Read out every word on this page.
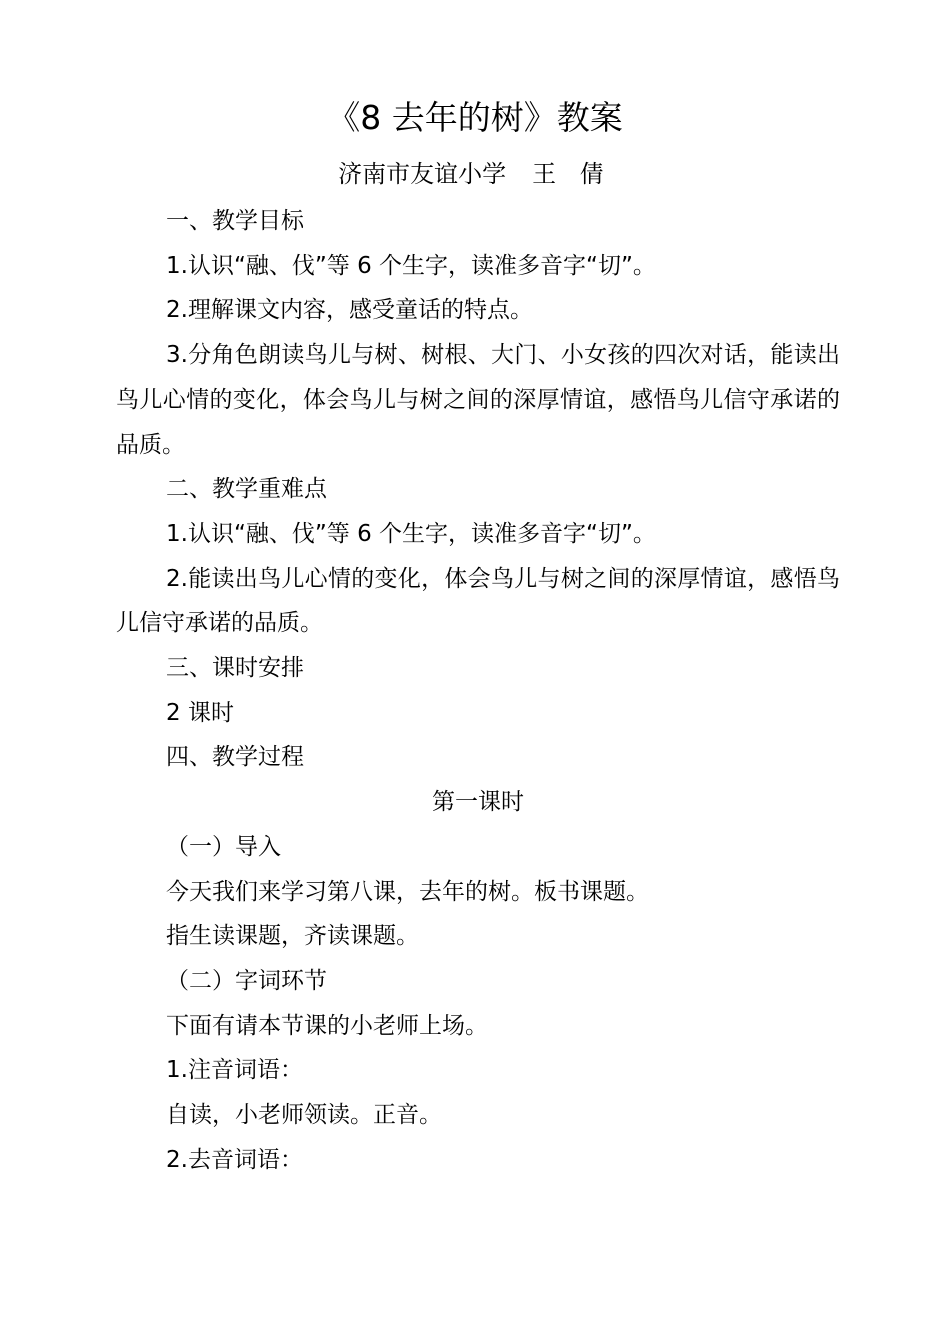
《8 去年的树》教案
济南市友谊小学 王 倩

一、教学目标

1.认识“融、伐”等 6 个生字，读准多音字“切”。

2.理解课文内容，感受童话的特点。

3.分角色朗读鸟儿与树、树根、大门、小女孩的四次对话，能读出鸟儿心情的变化，体会鸟儿与树之间的深厚情谊，感悟鸟儿信守承诺的品质。

二、教学重难点

1.认识“融、伐”等 6 个生字，读准多音字“切”。

2.能读出鸟儿心情的变化，体会鸟儿与树之间的深厚情谊，感悟鸟儿信守承诺的品质。

三、课时安排

2 课时

四、教学过程

第一课时

（一）导入

今天我们来学习第八课，去年的树。板书课题。

指生读课题，齐读课题。

（二）字词环节

下面有请本节课的小老师上场。

1.注音词语：

自读，小老师领读。正音。

2.去音词语：
